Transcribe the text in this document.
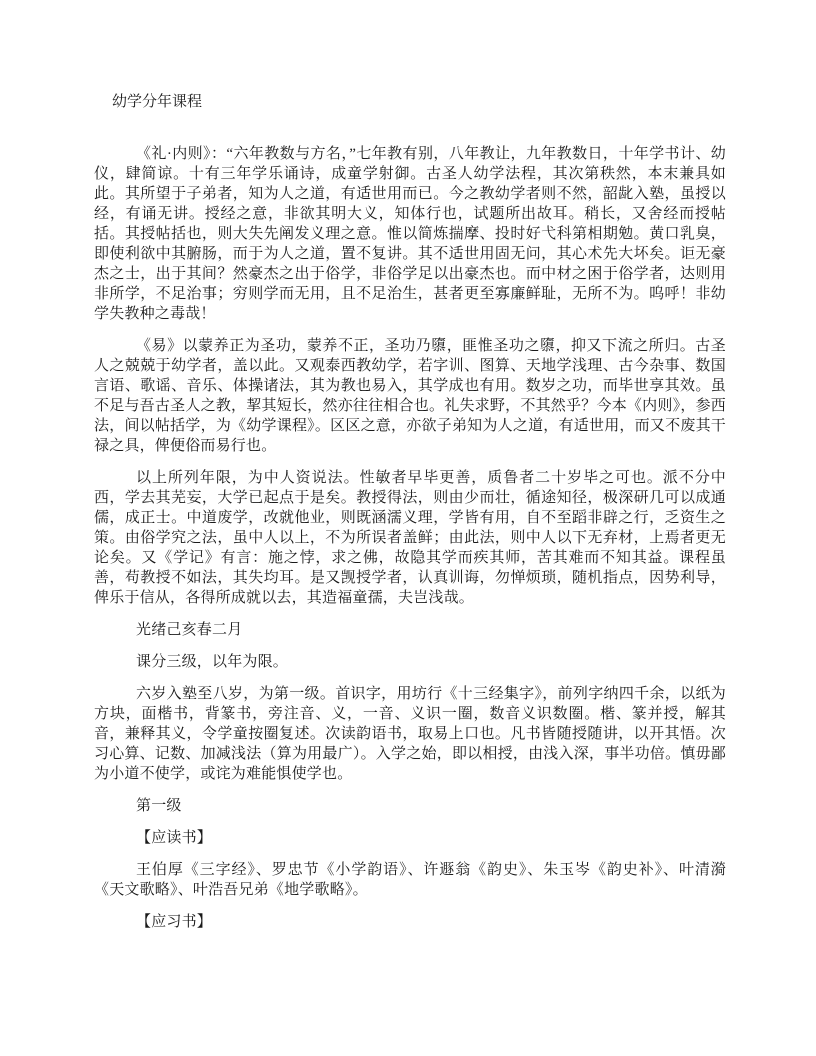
幼学分年课程

《礼·内则》：“六年教数与方名，”七年教有别，八年教让，九年教数日，十年学书计、幼仪，肆简谅。十有三年学乐诵诗，成童学射御。古圣人幼学法程，其次第秩然，本末兼具如此。其所望于子弟者，知为人之道，有适世用而已。今之教幼学者则不然，韶龀入塾，虽授以经，有诵无讲。授经之意，非欲其明大义，知体行也，试题所出故耳。稍长，又舍经而授帖括。其授帖括也，则大失先阐发义理之意。惟以简炼揣摩、投时好弋科第相期勉。黄口乳臭，即使利欲中其腑肠，而于为人之道，置不复讲。其不适世用固无问，其心术先大坏矣。讵无豪杰之士，出于其间？然豪杰之出于俗学，非俗学足以出豪杰也。而中材之困于俗学者，达则用非所学，不足治事；穷则学而无用，且不足治生，甚者更至寡廉鲜耻，无所不为。呜呼！非幼学失教种之毒哉！

《易》以蒙养正为圣功，蒙养不正，圣功乃隳，匪惟圣功之隳，抑又下流之所归。古圣人之兢兢于幼学者，盖以此。又观泰西教幼学，若字训、图算、天地学浅理、古今杂事、数国言语、歌谣、音乐、体操诸法，其为教也易入，其学成也有用。数岁之功，而毕世享其效。虽不足与吾古圣人之教，挈其短长，然亦往往相合也。礼失求野，不其然乎？今本《内则》，参西法，间以帖括学，为《幼学课程》。区区之意，亦欲子弟知为人之道，有适世用，而又不废其干禄之具，俾便俗而易行也。

以上所列年限，为中人资说法。性敏者早毕更善，质鲁者二十岁毕之可也。派不分中西，学去其芜妄，大学已起点于是矣。教授得法，则由少而壮，循途知径，极深研几可以成通儒，成正士。中道废学，改就他业，则既涵濡义理，学皆有用，自不至蹈非辟之行，乏资生之策。由俗学究之法，虽中人以上，不为所误者盖鲜；由此法，则中人以下无弃材，上焉者更无论矣。又《学记》有言：施之悖，求之佛，故隐其学而疾其师，苦其难而不知其益。课程虽善，苟教授不如法，其失均耳。是又觊授学者，认真训诲，勿惮烦琐，随机指点，因势利导，俾乐于信从，各得所成就以去，其造福童孺，夫岂浅哉。

光绪己亥春二月

课分三级，以年为限。

六岁入塾至八岁，为第一级。首识字，用坊行《十三经集字》，前列字纳四千余，以纸为方块，面楷书，背篆书，旁注音、义，一音、义识一圈，数音义识数圈。楷、篆并授，解其音，兼释其义，令学童按圈复述。次读韵语书，取易上口也。凡书皆随授随讲，以开其悟。次习心算、记数、加减浅法（算为用最广）。入学之始，即以相授，由浅入深，事半功倍。慎毋鄙为小道不使学，或诧为难能惧使学也。

第一级

【应读书】

王伯厚《三字经》、罗忠节《小学韵语》、许遯翁《韵史》、朱玉岑《韵史补》、叶清漪《天文歌略》、叶浩吾兄弟《地学歌略》。

【应习书】
